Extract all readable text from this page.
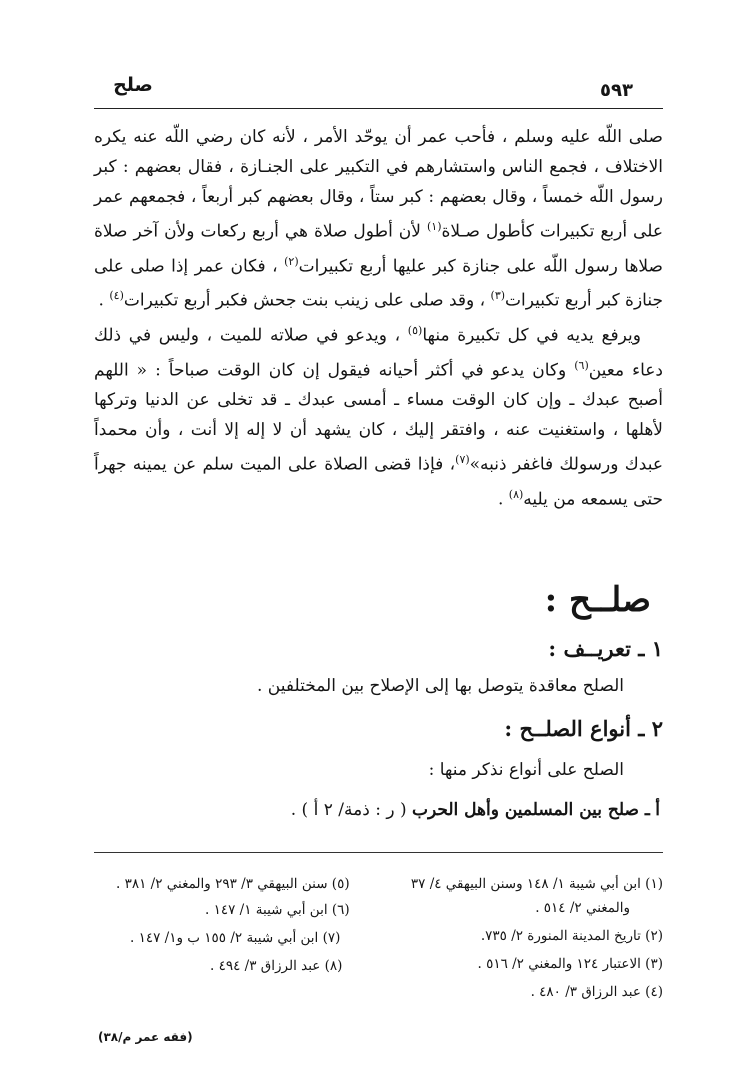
صلح	٥٩٣

صلى اللّه عليه وسلم ، فأحب عمر أن يوحّد الأمر ، لأنه كان رضي اللّه عنه يكره الاختلاف ، فجمع الناس واستشارهم في التكبير على الجنـازة ، فقال بعضهم : كبر رسول اللّه خمساً ، وقال بعضهم : كبر ستاً ، وقال بعضهم كبر أربعاً ، فجمعهم عمر على أربع تكبيرات كأطول صـلاة$^{(١)}$ لأن أطول صلاة هي أربع ركعات ولأن آخر صلاة صلاها رسول اللّه على جنازة كبر عليها أربع تكبيرات$^{(٢)}$ ، فكان عمر إذا صلى على جنازة كبر أربع تكبيرات$^{(٣)}$ ، وقد صلى على زينب بنت جحش فكبر أربع تكبيرات$^{(٤)}$ .

ويرفع يديه في كل تكبيرة منها$^{(٥)}$ ، ويدعو في صلاته للميت ، وليس في ذلك دعاء معين$^{(٦)}$ وكان يدعو في أكثر أحيانه فيقول إن كان الوقت صباحاً : « اللهم أصبح عبدك ـ وإن كان الوقت مساء ـ أمسى عبدك ـ قد تخلى عن الدنيا وتركها لأهلها ، واستغنيت عنه ، وافتقر إليك ، كان يشهد أن لا إله إلا أنت ، وأن محمداً عبدك ورسولك فاغفر ذنبه»$^{(٧)}$، فإذا قضى الصلاة على الميت سلم عن يمينه جهراً حتى يسمعه من يليه$^{(٨)}$ .

صلــح :
١ ـ تعريــف :
الصلح معاقدة يتوصل بها إلى الإصلاح بين المختلفين .
٢ ـ أنواع الصلــح :
الصلح على أنواع نذكر منها :
أ ـ صلح بين المسلمين وأهل الحرب ( ر : ذمة/ ٢ أ ) .
(١) ابن أبي شيبة ١/ ١٤٨ وسنن البيهقي ٤/ ٣٧
والمغني ٢/ ٥١٤ .
(٢) تاريخ المدينة المنورة ٢/ ٧٣٥.
(٣) الاعتبار ١٢٤ والمغني ٢/ ٥١٦ .
(٤) عبد الرزاق ٣/ ٤٨٠ .
(٥) سنن البيهقي ٣/ ٢٩٣ والمغني ٢/ ٣٨١ .
(٦) ابن أبي شيبة ١/ ١٤٧ .
(٧) ابن أبي شيبة ٢/ ١٥٥ ب و١/ ١٤٧ .
(٨) عبد الرزاق ٣/ ٤٩٤ .
(فقه عمر م/٣٨)
